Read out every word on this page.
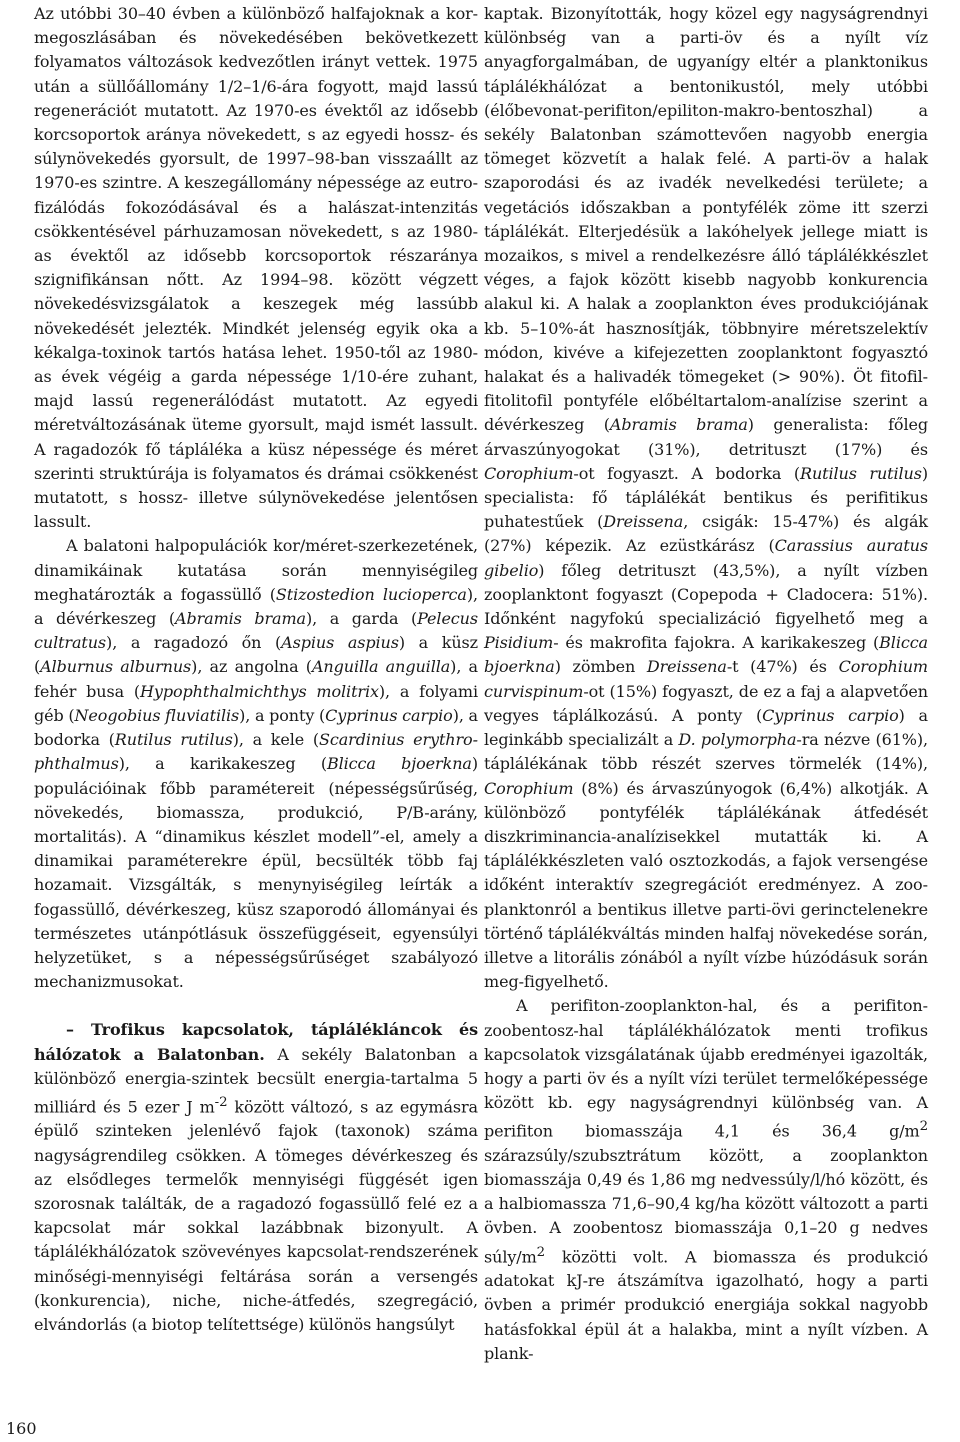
Az utóbbi 30–40 évben a különböző halfajoknak a kor-megoszlásában és növekedésében bekövetkezett folyamatos változások kedvezőtlen irányt vettek. 1975 után a süllőállomány 1/2–1/6-ára fogyott, majd lassú regenerációt mutatott. Az 1970-es évektől az idősebb korcsoportok aránya növekedett, s az egyedi hossz- és súlynövekedés gyorsult, de 1997–98-ban visszaállt az 1970-es szintre. A keszegállomány népessége az eutrofizálódás fokozódásával és a halászat-intenzitás csökkentésével párhuzamosan növekedett, s az 1980-as évektől az idősebb korcsoportok részaránya szignifikánsan nőtt. Az 1994–98. között végzett növekedésvizsgálatok a keszegek még lassúbb növekedését jelezték. Mindkét jelenség egyik oka a kékalga-toxinok tartós hatása lehet. 1950-től az 1980-as évek végéig a garda népessége 1/10-ére zuhant, majd lassú regenerálódást mutatott. Az egyedi méretváltozásának üteme gyorsult, majd ismét lassult. A ragadozók fő tápláléka a küsz népessége és méret szerinti struktúrája is folyamatos és drámai csökkenést mutatott, s hossz- illetve súlynövekedése jelentősen lassult.

A balatoni halpopulációk kor/méret-szerkezetének, dinamikáinak kutatása során mennyiségileg meghatározták a fogassüllő (Stizostedion lucioperca), a dévérkeszeg (Abramis brama), a garda (Pelecus cultratus), a ragadozó őn (Aspius aspius) a küsz (Alburnus alburnus), az angolna (Anguilla anguilla), a fehér busa (Hypophthalmichthys molitrix), a folyami géb (Neogobius fluviatilis), a ponty (Cyprinus carpio), a bodorka (Rutilus rutilus), a kele (Scardinius erythrophthalmus), a karikakeszeg (Blicca bjoerkna) populációinak főbb paramétereit (népességsűrűség, növekedés, biomassza, produkció, P/B-arány, mortalitás). A “dinamikus készlet modell”-el, amely a dinamikai paraméterekre épül, becsülték több faj hozamait. Vizsgálták, s menynyiségileg leírták a fogassüllő, dévérkeszeg, küsz szaporodó állományai és természetes utánpótlásuk összefüggéseit, egyensúlyi helyzetüket, s a népességsűrűséget szabályozó mechanizmusokat.

– Trofikus kapcsolatok, táplálékláncok és hálózatok a Balatonban. A sekély Balatonban a különböző energia-szintek becsült energia-tartalma 5 milliárd és 5 ezer J $m^{-2}$ között változó, s az egymásra épülő szinteken jelenlévő fajok (taxonok) száma nagyságrendileg csökken. A tömeges dévérkeszeg és az elsődleges termelők mennyiségi függését igen szorosnak találták, de a ragadozó fogassüllő felé ez a kapcsolat már sokkal lazábbnak bizonyult. A táplálékhálózatok szövevényes kapcsolat-rendszerének minőségi-mennyiségi feltárása során a versengés (konkurencia), niche, niche-átfedés, szegregáció, elvándorlás (a biotop telítettsége) különös hangsúlyt

kaptak. Bizonyították, hogy közel egy nagyságrendnyi különbség van a parti-öv és a nyílt víz anyagforgalmában, de ugyanígy eltér a planktonikus táplálékhálózat a bentonikustól, mely utóbbi (élőbevonat-perifiton/epiliton-makro-bentoszhal) a sekély Balatonban számottevően nagyobb energia tömeget közvetít a halak felé. A parti-öv a halak szaporodási és az ivadék nevelkedési területe; a vegetációs időszakban a pontyfélék zöme itt szerzi táplálékát. Elterjedésük a lakóhelyek jellege miatt is mozaikos, s mivel a rendelkezésre álló táplálékkészlet véges, a fajok között kisebb nagyobb konkurencia alakul ki. A halak a zooplankton éves produkciójának kb. 5–10%-át hasznosítják, többnyire méretszelektív módon, kivéve a kifejezetten zooplanktont fogyasztó halakat és a halivadék tömegeket (> 90%). Öt fitofil-fitolitofil pontyféle előbéltartalom-analízise szerint a dévérkeszeg (Abramis brama) generalista: főleg árvaszúnyogokat (31%), detrituszt (17%) és Corophium-ot fogyaszt. A bodorka (Rutilus rutilus) specialista: fő táplálékát bentikus és perifitikus puhatestűek (Dreissena, csigák: 15-47%) és algák (27%) képezik. Az ezüstkárász (Carassius auratus gibelio) főleg detrituszt (43,5%), a nyílt vízben zooplanktont fogyaszt (Copepoda + Cladocera: 51%). Időnként nagyfokú specializáció figyelhető meg a Pisidium- és makrofita fajokra. A karikakeszeg (Blicca bjoerkna) zömben Dreissena-t (47%) és Corophium curvispinum-ot (15%) fogyaszt, de ez a faj a alapvetően vegyes táplálkozású. A ponty (Cyprinus carpio) a leginkább specializált a D. polymorpha-ra nézve (61%), táplálékának több részét szerves törmelék (14%), Corophium (8%) és árvaszúnyogok (6,4%) alkotják. A különböző pontyfélék táplálékának átfedését diszkriminancia-analízisekkel mutatták ki. A táplálékkészleten való osztozkodás, a fajok versengése időként interaktív szegregációt eredményez. A zooplanktonról a bentikus illetve parti-övi gerinctelenekre történő táplálékváltás minden halfaj növekedése során, illetve a litorális zónából a nyílt vízbe húzódásuk során meg-figyelhető.

A perifiton-zooplankton-hal, és a perifitonzoobentosz-hal táplálékhálózatok menti trofikus kapcsolatok vizsgálatának újabb eredményei igazolták, hogy a parti öv és a nyílt vízi terület termelőképessége között kb. egy nagyságrendnyi különbség van. A perifiton biomasszája 4,1 és 36,4 $g/m^2$ szárazsúly/szubsztrátum között, a zooplankton biomasszája 0,49 és 1,86 mg nedvessúly/l/hó között, és a halbiomassza 71,6–90,4 kg/ha között változott a parti övben. A zoobentosz biomasszája 0,1–20 g nedves súly/$m^2$ közötti volt. A biomassza és produkció adatokat kJ-re átszámítva igazolható, hogy a parti övben a primér produkció energiája sokkal nagyobb hatásfokkal épül át a halakba, mint a nyílt vízben. A plank-

160
